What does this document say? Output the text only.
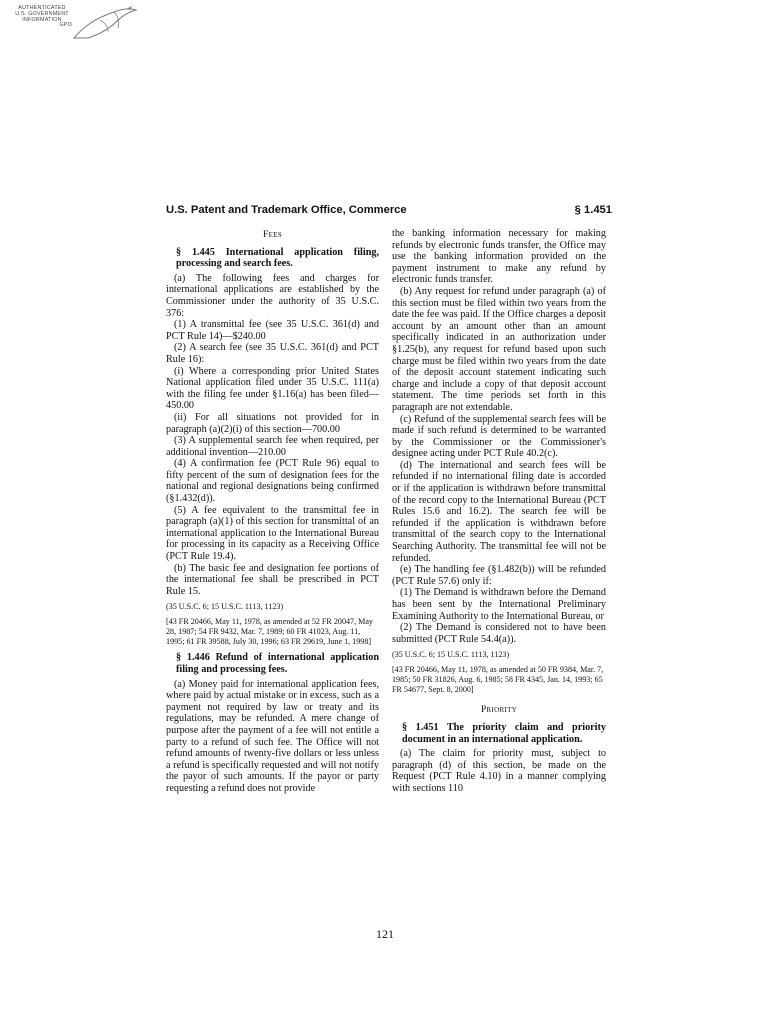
AUTHENTICATED
U.S. GOVERNMENT
INFORMATION
GPO
U.S. Patent and Trademark Office, Commerce	§ 1.451

Fees

§ 1.445 International application filing, processing and search fees.

(a) The following fees and charges for international applications are established by the Commissioner under the authority of 35 U.S.C. 376:

(1) A transmittal fee (see 35 U.S.C. 361(d) and PCT Rule 14)—$240.00

(2) A search fee (see 35 U.S.C. 361(d) and PCT Rule 16):

(i) Where a corresponding prior United States National application filed under 35 U.S.C. 111(a) with the filing fee under §1.16(a) has been filed—450.00

(ii) For all situations not provided for in paragraph (a)(2)(i) of this section—700.00

(3) A supplemental search fee when required, per additional invention—210.00

(4) A confirmation fee (PCT Rule 96) equal to fifty percent of the sum of designation fees for the national and regional designations being confirmed (§1.432(d)).

(5) A fee equivalent to the transmittal fee in paragraph (a)(1) of this section for transmittal of an international application to the International Bureau for processing in its capacity as a Receiving Office (PCT Rule 19.4).

(b) The basic fee and designation fee portions of the international fee shall be prescribed in PCT Rule 15.

(35 U.S.C. 6; 15 U.S.C. 1113, 1123)

[43 FR 20466, May 11, 1978, as amended at 52 FR 20047, May 28, 1987; 54 FR 9432, Mar. 7, 1989; 60 FR 41023, Aug. 11, 1995; 61 FR 39588, July 30, 1996; 63 FR 29619, June 1, 1998]

§ 1.446 Refund of international application filing and processing fees.

(a) Money paid for international application fees, where paid by actual mistake or in excess, such as a payment not required by law or treaty and its regulations, may be refunded. A mere change of purpose after the payment of a fee will not entitle a party to a refund of such fee. The Office will not refund amounts of twenty-five dollars or less unless a refund is specifically requested and will not notify the payor of such amounts. If the payor or party requesting a refund does not provide

the banking information necessary for making refunds by electronic funds transfer, the Office may use the banking information provided on the payment instrument to make any refund by electronic funds transfer.

(b) Any request for refund under paragraph (a) of this section must be filed within two years from the date the fee was paid. If the Office charges a deposit account by an amount other than an amount specifically indicated in an authorization under §1.25(b), any request for refund based upon such charge must be filed within two years from the date of the deposit account statement indicating such charge and include a copy of that deposit account statement. The time periods set forth in this paragraph are not extendable.

(c) Refund of the supplemental search fees will be made if such refund is determined to be warranted by the Commissioner or the Commissioner's designee acting under PCT Rule 40.2(c).

(d) The international and search fees will be refunded if no international filing date is accorded or if the application is withdrawn before transmittal of the record copy to the International Bureau (PCT Rules 15.6 and 16.2). The search fee will be refunded if the application is withdrawn before transmittal of the search copy to the International Searching Authority. The transmittal fee will not be refunded.

(e) The handling fee (§1.482(b)) will be refunded (PCT Rule 57.6) only if:

(1) The Demand is withdrawn before the Demand has been sent by the International Preliminary Examining Authority to the International Bureau, or

(2) The Demand is considered not to have been submitted (PCT Rule 54.4(a)).

(35 U.S.C. 6; 15 U.S.C. 1113, 1123)

[43 FR 20466, May 11, 1978, as amended at 50 FR 9384, Mar. 7, 1985; 50 FR 31826, Aug. 6, 1985; 58 FR 4345, Jan. 14, 1993; 65 FR 54677, Sept. 8, 2000]

Priority

§ 1.451 The priority claim and priority document in an international application.

(a) The claim for priority must, subject to paragraph (d) of this section, be made on the Request (PCT Rule 4.10) in a manner complying with sections 110

121
